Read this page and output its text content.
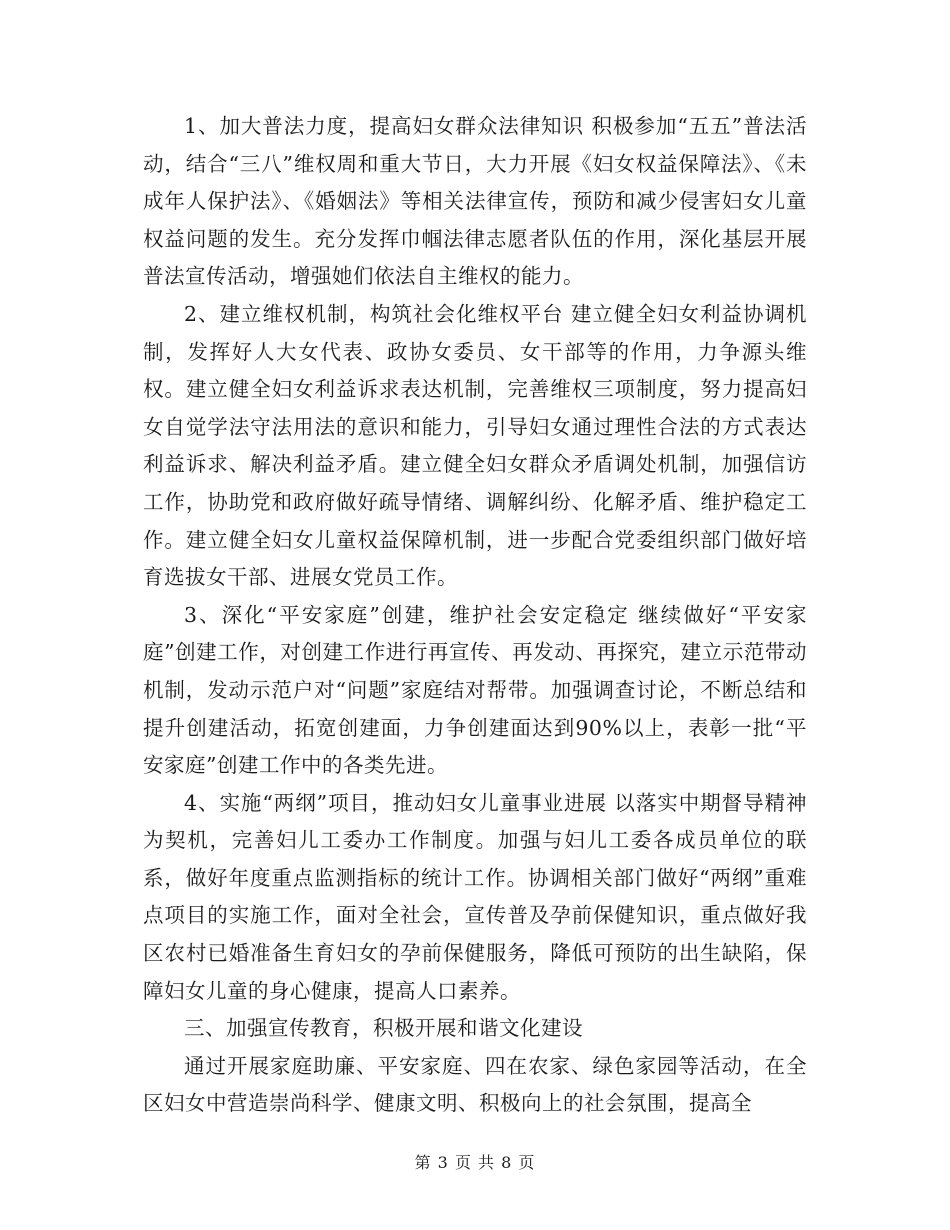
1、加大普法力度，提高妇女群众法律知识 积极参加“五五”普法活动，结合“三八”维权周和重大节日，大力开展《妇女权益保障法》、《未成年人保护法》、《婚姻法》等相关法律宣传，预防和减少侵害妇女儿童权益问题的发生。充分发挥巾帼法律志愿者队伍的作用，深化基层开展普法宣传活动，增强她们依法自主维权的能力。

2、建立维权机制，构筑社会化维权平台 建立健全妇女利益协调机制，发挥好人大女代表、政协女委员、女干部等的作用，力争源头维权。建立健全妇女利益诉求表达机制，完善维权三项制度，努力提高妇女自觉学法守法用法的意识和能力，引导妇女通过理性合法的方式表达利益诉求、解决利益矛盾。建立健全妇女群众矛盾调处机制，加强信访工作，协助党和政府做好疏导情绪、调解纠纷、化解矛盾、维护稳定工作。建立健全妇女儿童权益保障机制，进一步配合党委组织部门做好培育选拔女干部、进展女党员工作。

3、深化“平安家庭”创建，维护社会安定稳定 继续做好“平安家庭”创建工作，对创建工作进行再宣传、再发动、再探究，建立示范带动机制，发动示范户对“问题”家庭结对帮带。加强调查讨论，不断总结和提升创建活动，拓宽创建面，力争创建面达到90%以上，表彰一批“平安家庭”创建工作中的各类先进。

4、实施“两纲”项目，推动妇女儿童事业进展 以落实中期督导精神为契机，完善妇儿工委办工作制度。加强与妇儿工委各成员单位的联系，做好年度重点监测指标的统计工作。协调相关部门做好“两纲”重难点项目的实施工作，面对全社会，宣传普及孕前保健知识，重点做好我区农村已婚准备生育妇女的孕前保健服务，降低可预防的出生缺陷，保障妇女儿童的身心健康，提高人口素养。

三、加强宣传教育，积极开展和谐文化建设

通过开展家庭助廉、平安家庭、四在农家、绿色家园等活动，在全区妇女中营造崇尚科学、健康文明、积极向上的社会氛围，提高全

第 3 页 共 8 页
